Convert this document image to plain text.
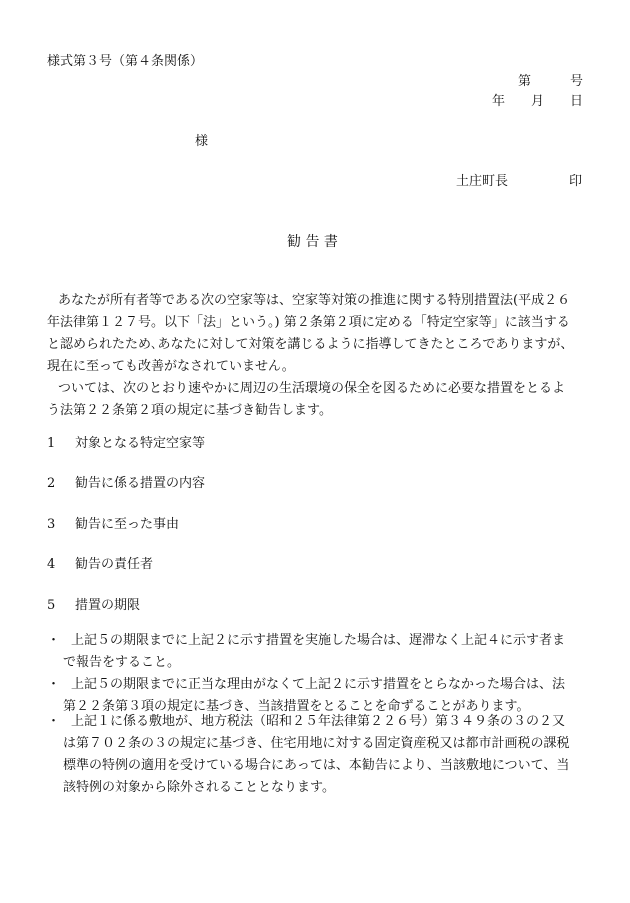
様式第３号（第４条関係）
第　　　号
年　　月　　日
様
土庄町長	印
勧 告 書
あなたが所有者等である次の空家等は、空家等対策の推進に関する特別措置法(平成２６
年法律第１２７号。以下「法」という。) 第２条第２項に定める「特定空家等」に該当する
と認められたため､あなたに対して対策を講じるように指導してきたところでありますが、
現在に至っても改善がなされていません。
ついては、次のとおり速やかに周辺の生活環境の保全を図るために必要な措置をとるよ
う法第２２条第２項の規定に基づき勧告します。
1 対象となる特定空家等
2 勧告に係る措置の内容
3 勧告に至った事由
4 勧告の責任者
5 措置の期限
・ 上記５の期限までに上記２に示す措置を実施した場合は、遅滞なく上記４に示す者ま
で報告をすること。
・ 上記５の期限までに正当な理由がなくて上記２に示す措置をとらなかった場合は、法
第２２条第３項の規定に基づき、当該措置をとることを命ずることがあります。
・ 上記１に係る敷地が、地方税法（昭和２５年法律第２２６号）第３４９条の３の２又
は第７０２条の３の規定に基づき、住宅用地に対する固定資産税又は都市計画税の課税
標準の特例の適用を受けている場合にあっては、本勧告により、当該敷地について、当
該特例の対象から除外されることとなります。
